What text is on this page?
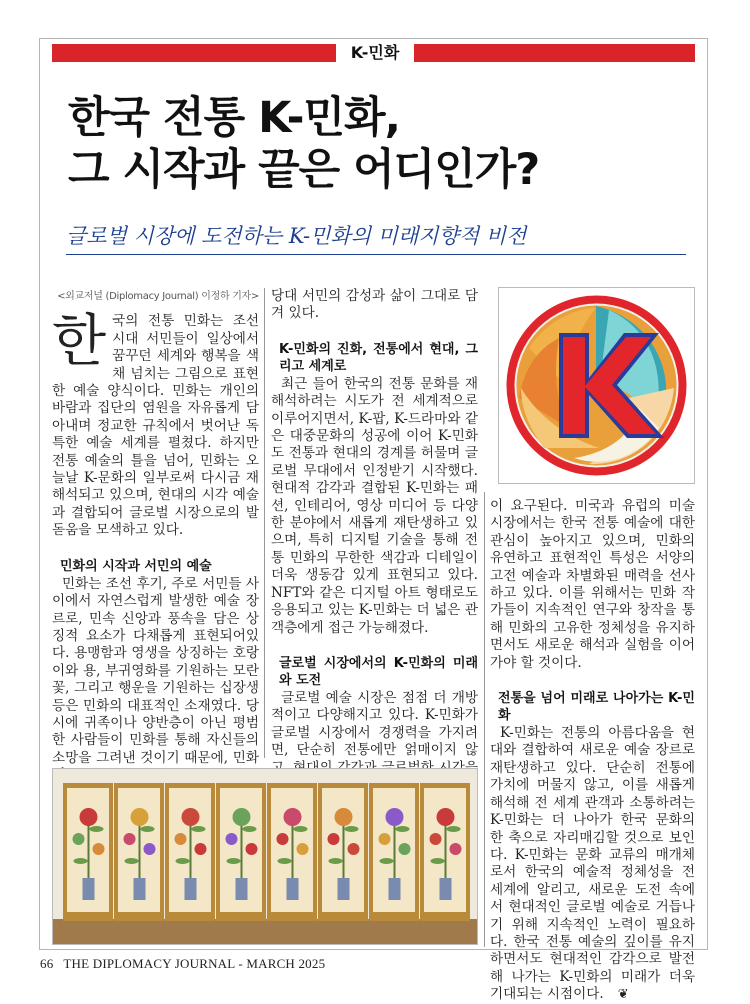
K-민화
한국 전통 K-민화,
그 시작과 끝은 어디인가?
글로벌 시장에 도전하는 K-민화의 미래지향적 비전
<외교저널 (Diplomacy Journal) 이정하 기자>

한국의 전통 민화는 조선 시대 서민들이 일상에서 꿈꾸던 세계와 행복을 색채 넘치는 그림으로 표현한 예술 양식이다. 민화는 개인의 바람과 집단의 염원을 자유롭게 담아내며 정교한 규칙에서 벗어난 독특한 예술 세계를 펼쳤다. 하지만 전통 예술의 틀을 넘어, 민화는 오늘날 K-문화의 일부로써 다시금 재해석되고 있으며, 현대의 시각 예술과 결합되어 글로벌 시장으로의 발돋움을 모색하고 있다.

민화의 시작과 서민의 예술

민화는 조선 후기, 주로 서민들 사이에서 자연스럽게 발생한 예술 장르로, 민속 신앙과 풍속을 담은 상징적 요소가 다채롭게 표현되어있다. 용맹함과 영생을 상징하는 호랑이와 용, 부귀영화를 기원하는 모란꽃, 그리고 행운을 기원하는 십장생 등은 민화의 대표적인 소재였다. 당시에 귀족이나 양반층이 아닌 평범한 사람들이 민화를 통해 자신들의 소망을 그려낸 것이기 때문에, 민화

당대 서민의 감성과 삶이 그대로 담겨 있다.

K-민화의 진화, 전통에서 현대, 그리고 세계로

최근 들어 한국의 전통 문화를 재해석하려는 시도가 전 세계적으로 이루어지면서, K-팝, K-드라마와 같은 대중문화의 성공에 이어 K-민화도 전통과 현대의 경계를 허물며 글로벌 무대에서 인정받기 시작했다. 현대적 감각과 결합된 K-민화는 패션, 인테리어, 영상 미디어 등 다양한 분야에서 새롭게 재탄생하고 있으며, 특히 디지털 기술을 통해 전통 민화의 무한한 색감과 디테일이 더욱 생동감 있게 표현되고 있다. NFT와 같은 디지털 아트 형태로도 응용되고 있는 K-민화는 더 넓은 관객층에게 접근 가능해졌다.

글로벌 시장에서의 K-민화의 미래와 도전

글로벌 예술 시장은 점점 더 개방적이고 다양해지고 있다. K-민화가 글로벌 시장에서 경쟁력을 가지려면, 단순히 전통에만 얽매이지 않

이 요구된다. 미국과 유럽의 미술 시장에서는 한국 전통 예술에 대한 관심이 높아지고 있으며, 민화의 유연하고 표현적인 특성은 서양의 고전 예술과 차별화된 매력을 선사하고 있다. 이를 위해서는 민화 작가들이 지속적인 연구와 창작을 통해 민화의 고유한 정체성을 유지하면서도 새로운 해석과 실험을 이어가야 할 것이다.

전통을 넘어 미래로 나아가는 K-민화

K-민화는 전통의 아름다움을 현대와 결합하여 새로운 예술 장르로 재탄생하고 있다. 단순히 전통에 가치에 머물지 않고, 이를 새롭게 해석해 전 세계 관객과 소통하려는 K-민화는 더 나아가 한국 문화의 한 축으로 자리매김할 것으로 보인다. K-민화는 문화 교류의 매개체로서 한국의 예술적 정체성을 전 세계에 알리고, 새로운 도전 속에서 현대적인 글로벌 예술로 거듭나기 위해 지속적인 노력이 필요하다. 한국 전통 예술의 깊이를 유지하면서도 현대적인 감각으로 발전해 나가는 K-민화의 미래가 더욱 기대되는 시점이다. ❦

K
66 THE DIPLOMACY JOURNAL - MARCH 2025
